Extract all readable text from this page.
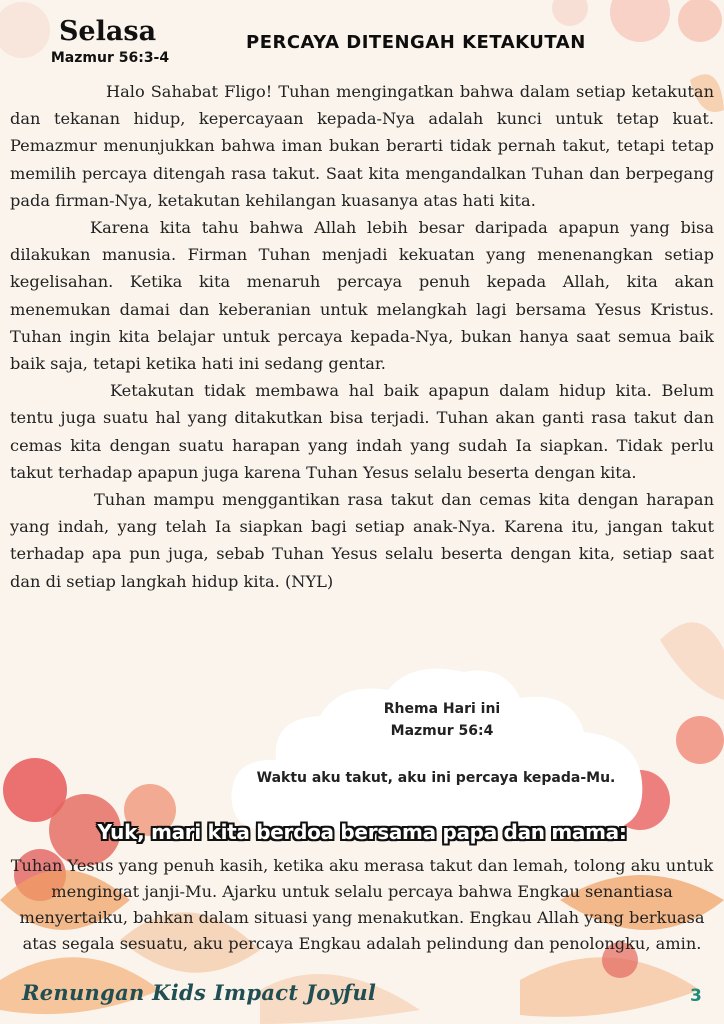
Selasa
Mazmur 56:3-4
PERCAYA DITENGAH KETAKUTAN

Halo Sahabat Fligo! Tuhan mengingatkan bahwa dalam setiap ketakutan dan tekanan hidup, kepercayaan kepada-Nya adalah kunci untuk tetap kuat. Pemazmur menunjukkan bahwa iman bukan berarti tidak pernah takut, tetapi tetap memilih percaya ditengah rasa takut. Saat kita mengandalkan Tuhan dan berpegang pada firman-Nya, ketakutan kehilangan kuasanya atas hati kita.

Karena kita tahu bahwa Allah lebih besar daripada apapun yang bisa dilakukan manusia. Firman Tuhan menjadi kekuatan yang menenangkan setiap kegelisahan. Ketika kita menaruh percaya penuh kepada Allah, kita akan menemukan damai dan keberanian untuk melangkah lagi bersama Yesus Kristus. Tuhan ingin kita belajar untuk percaya kepada-Nya, bukan hanya saat semua baik baik saja, tetapi ketika hati ini sedang gentar.

Ketakutan tidak membawa hal baik apapun dalam hidup kita. Belum tentu juga suatu hal yang ditakutkan bisa terjadi. Tuhan akan ganti rasa takut dan cemas kita dengan suatu harapan yang indah yang sudah Ia siapkan. Tidak perlu takut terhadap apapun juga karena Tuhan Yesus selalu beserta dengan kita.

Tuhan mampu menggantikan rasa takut dan cemas kita dengan harapan yang indah, yang telah Ia siapkan bagi setiap anak-Nya. Karena itu, jangan takut terhadap apa pun juga, sebab Tuhan Yesus selalu beserta dengan kita, setiap saat dan di setiap langkah hidup kita. (NYL)

Rhema Hari ini
Mazmur 56:4
Waktu aku takut, aku ini percaya kepada-Mu.
Yuk, mari kita berdoa bersama papa dan mama:
Tuhan Yesus yang penuh kasih, ketika aku merasa takut dan lemah, tolong aku untuk mengingat janji-Mu. Ajarku untuk selalu percaya bahwa Engkau senantiasa menyertaiku, bahkan dalam situasi yang menakutkan. Engkau Allah yang berkuasa atas segala sesuatu, aku percaya Engkau adalah pelindung dan penolongku, amin.
Renungan Kids Impact Joyful	3
